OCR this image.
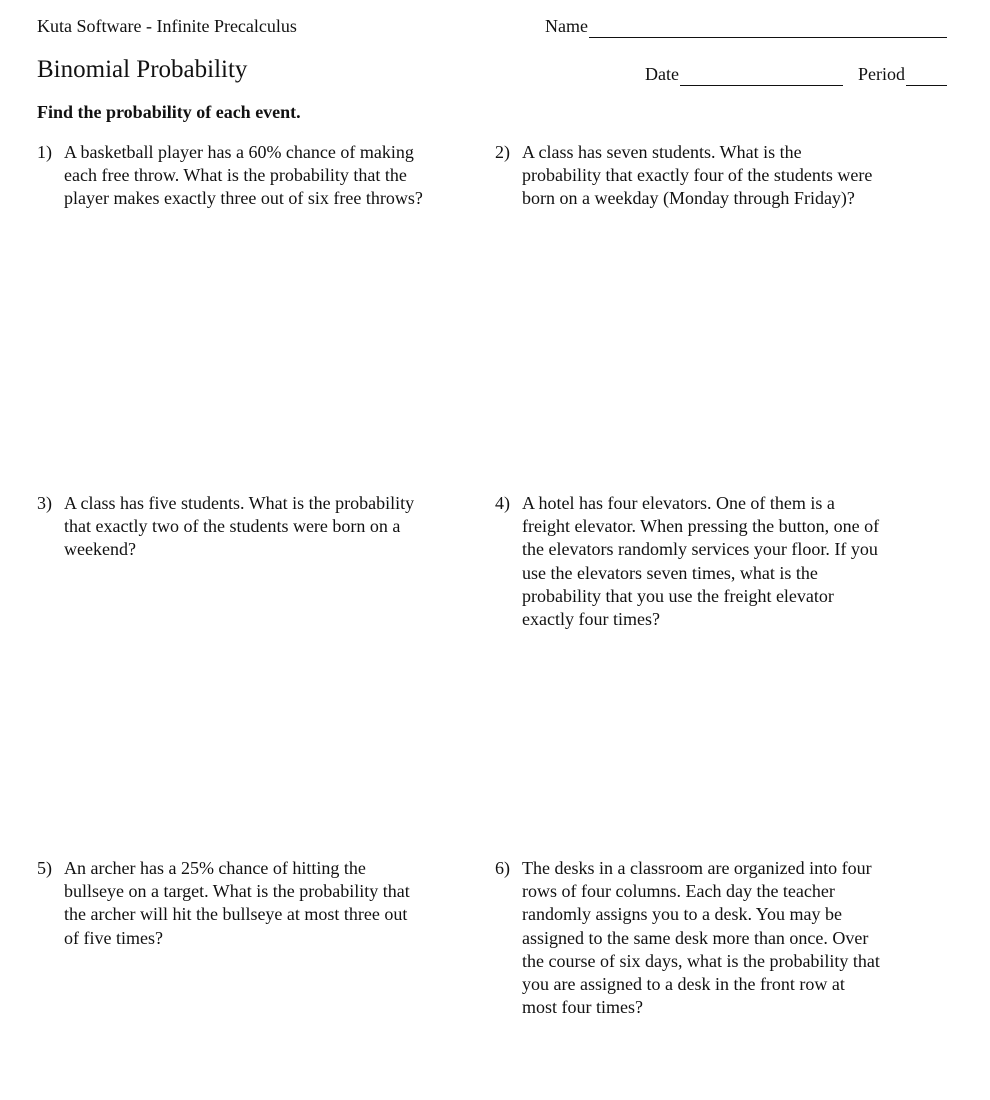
Kuta Software - Infinite Precalculus	Name
Binomial Probability	Date	Period
Find the probability of each event.
1) A basketball player has a 60% chance of making each free throw. What is the probability that the player makes exactly three out of six free throws?
2) A class has seven students. What is the probability that exactly four of the students were born on a weekday (Monday through Friday)?
3) A class has five students. What is the probability that exactly two of the students were born on a weekend?
4) A hotel has four elevators. One of them is a freight elevator. When pressing the button, one of the elevators randomly services your floor. If you use the elevators seven times, what is the probability that you use the freight elevator exactly four times?
5) An archer has a 25% chance of hitting the bullseye on a target. What is the probability that the archer will hit the bullseye at most three out of five times?
6) The desks in a classroom are organized into four rows of four columns. Each day the teacher randomly assigns you to a desk. You may be assigned to the same desk more than once. Over the course of six days, what is the probability that you are assigned to a desk in the front row at most four times?
